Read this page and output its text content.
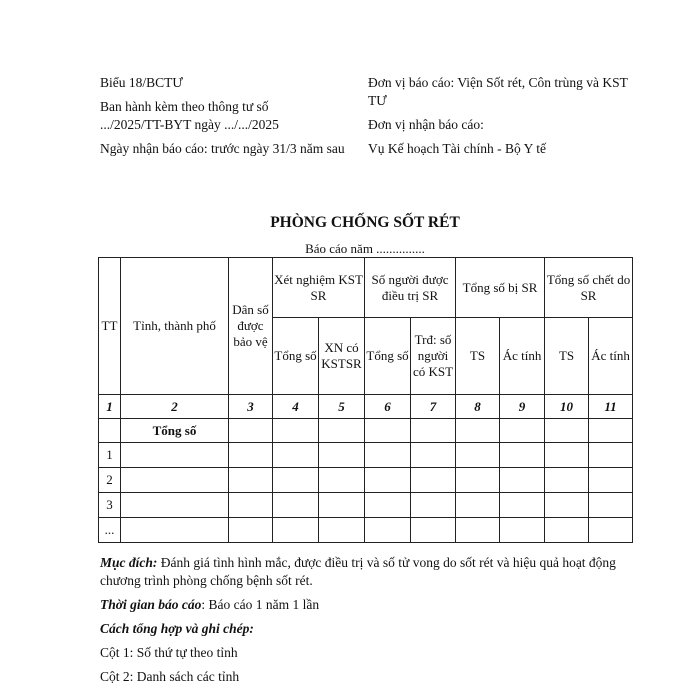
Biểu 18/BCTƯ

Ban hành kèm theo thông tư số

.../2025/TT-BYT ngày .../.../2025

Ngày nhận báo cáo: trước ngày 31/3 năm sau

Đơn vị báo cáo: Viện Sốt rét, Côn trùng và KST TƯ

Đơn vị nhận báo cáo:

Vụ Kế hoạch Tài chính - Bộ Y tế

PHÒNG CHỐNG SỐT RÉT
Báo cáo năm ...............
TT	Tỉnh, thành phố	Dân số được bảo vệ	Xét nghiệm KST SR		Số người được điều trị SR		Tổng số bị SR		Tổng số chết do SR	
			Tổng số	XN có KSTSR	Tổng số	Trđ: số người có KST	TS	Ác tính	TS	Ác tính
1	2	3	4	5	6	7	8	9	10	11
	Tổng số									
1										
2										
3										
...										

Mục đích: Đánh giá tình hình mắc, được điều trị và số tử vong do sốt rét và hiệu quả hoạt động chương trình phòng chống bệnh sốt rét.

Thời gian báo cáo: Báo cáo 1 năm 1 lần

Cách tổng hợp và ghi chép:

Cột 1: Số thứ tự theo tỉnh

Cột 2: Danh sách các tỉnh
